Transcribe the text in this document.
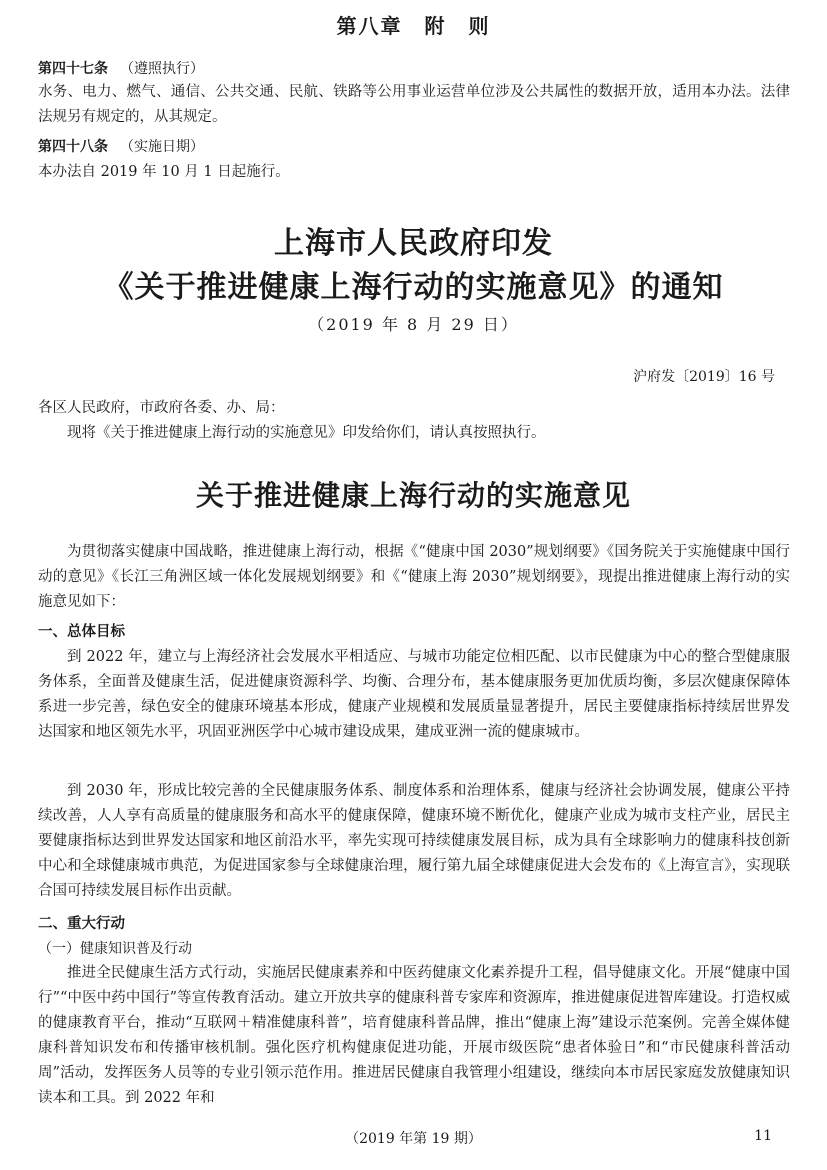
第八章　附　则
第四十七条 （遵照执行）
水务、电力、燃气、通信、公共交通、民航、铁路等公用事业运营单位涉及公共属性的数据开放，适用本办法。法律法规另有规定的，从其规定。
第四十八条 （实施日期）
本办法自 2019 年 10 月 1 日起施行。
上海市人民政府印发
《关于推进健康上海行动的实施意见》的通知
（2019 年 8 月 29 日）
沪府发〔2019〕16 号
各区人民政府，市政府各委、办、局：
现将《关于推进健康上海行动的实施意见》印发给你们，请认真按照执行。
关于推进健康上海行动的实施意见
为贯彻落实健康中国战略，推进健康上海行动，根据《“健康中国 2030”规划纲要》《国务院关于实施健康中国行动的意见》《长江三角洲区域一体化发展规划纲要》和《“健康上海 2030”规划纲要》，现提出推进健康上海行动的实施意见如下：
一、总体目标
到 2022 年，建立与上海经济社会发展水平相适应、与城市功能定位相匹配、以市民健康为中心的整合型健康服务体系，全面普及健康生活，促进健康资源科学、均衡、合理分布，基本健康服务更加优质均衡，多层次健康保障体系进一步完善，绿色安全的健康环境基本形成，健康产业规模和发展质量显著提升，居民主要健康指标持续居世界发达国家和地区领先水平，巩固亚洲医学中心城市建设成果，建成亚洲一流的健康城市。
到 2030 年，形成比较完善的全民健康服务体系、制度体系和治理体系，健康与经济社会协调发展，健康公平持续改善，人人享有高质量的健康服务和高水平的健康保障，健康环境不断优化，健康产业成为城市支柱产业，居民主要健康指标达到世界发达国家和地区前沿水平，率先实现可持续健康发展目标，成为具有全球影响力的健康科技创新中心和全球健康城市典范，为促进国家参与全球健康治理，履行第九届全球健康促进大会发布的《上海宣言》，实现联合国可持续发展目标作出贡献。
二、重大行动
（一）健康知识普及行动
推进全民健康生活方式行动，实施居民健康素养和中医药健康文化素养提升工程，倡导健康文化。开展“健康中国行”“中医中药中国行”等宣传教育活动。建立开放共享的健康科普专家库和资源库，推进健康促进智库建设。打造权威的健康教育平台，推动“互联网＋精准健康科普”，培育健康科普品牌，推出“健康上海”建设示范案例。完善全媒体健康科普知识发布和传播审核机制。强化医疗机构健康促进功能，开展市级医院“患者体验日”和“市民健康科普活动周”活动，发挥医务人员等的专业引领示范作用。推进居民健康自我管理小组建设，继续向本市居民家庭发放健康知识读本和工具。到 2022 年和
（2019 年第 19 期）	11
